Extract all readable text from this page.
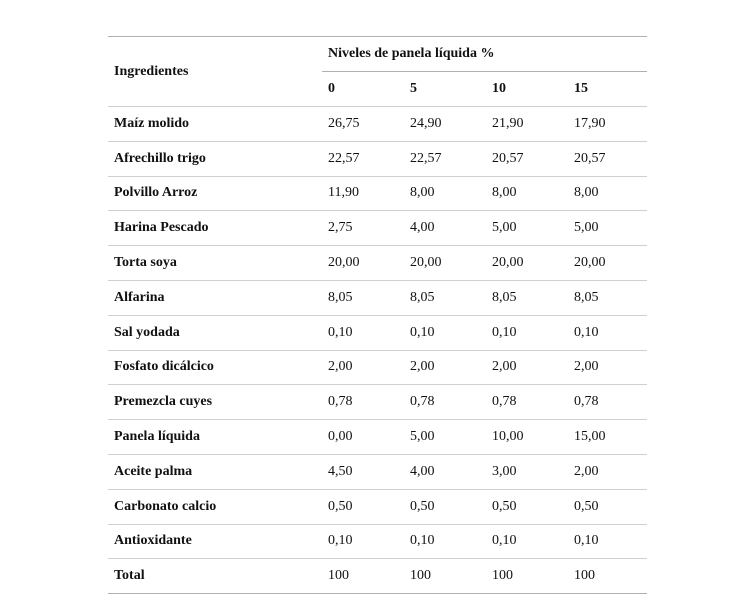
Ingredientes	Niveles de panela líquida %			
	0	5	10	15
Maíz molido	26,75	24,90	21,90	17,90
Afrechillo trigo	22,57	22,57	20,57	20,57
Polvillo Arroz	11,90	8,00	8,00	8,00
Harina Pescado	2,75	4,00	5,00	5,00
Torta soya	20,00	20,00	20,00	20,00
Alfarina	8,05	8,05	8,05	8,05
Sal yodada	0,10	0,10	0,10	0,10
Fosfato dicálcico	2,00	2,00	2,00	2,00
Premezcla cuyes	0,78	0,78	0,78	0,78
Panela líquida	0,00	5,00	10,00	15,00
Aceite palma	4,50	4,00	3,00	2,00
Carbonato calcio	0,50	0,50	0,50	0,50
Antioxidante	0,10	0,10	0,10	0,10
Total	100	100	100	100
